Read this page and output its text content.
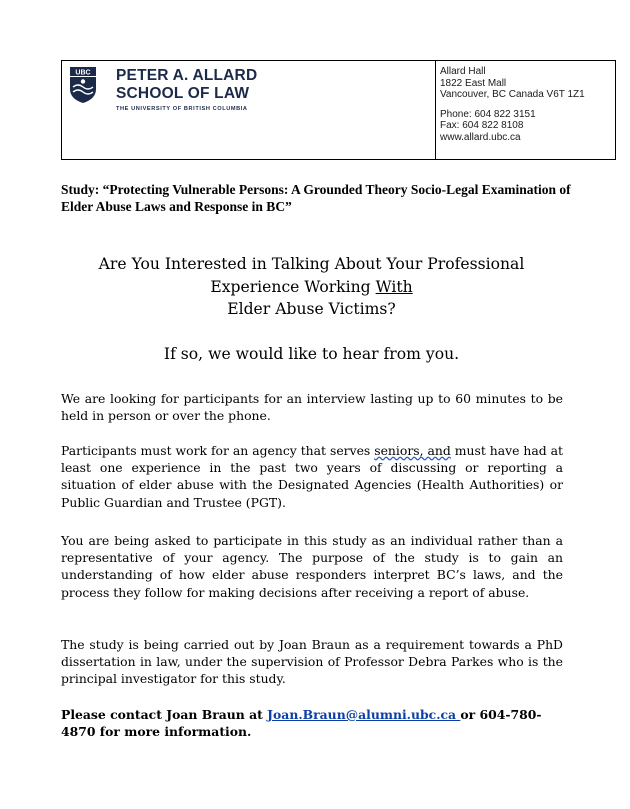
UBC PETER A. ALLARD
SCHOOL OF LAW
THE UNIVERSITY OF BRITISH COLUMBIA
Allard Hall
1822 East Mall
Vancouver, BC Canada V6T 1Z1
Phone: 604 822 3151
Fax: 604 822 8108
www.allard.ubc.ca
Study: “Protecting Vulnerable Persons: A Grounded Theory Socio-Legal Examination of Elder Abuse Laws and Response in BC”
Are You Interested in Talking About Your Professional
Experience Working With
Elder Abuse Victims?
If so, we would like to hear from you.
We are looking for participants for an interview lasting up to 60 minutes to be held in person or over the phone.
Participants must work for an agency that serves seniors, and must have had at least one experience in the past two years of discussing or reporting a situation of elder abuse with the Designated Agencies (Health Authorities) or Public Guardian and Trustee (PGT).
You are being asked to participate in this study as an individual rather than a representative of your agency. The purpose of the study is to gain an understanding of how elder abuse responders interpret BC’s laws, and the process they follow for making decisions after receiving a report of abuse.
The study is being carried out by Joan Braun as a requirement towards a PhD dissertation in law, under the supervision of Professor Debra Parkes who is the principal investigator for this study.
Please contact Joan Braun at Joan.Braun@alumni.ubc.ca or 604-780-4870 for more information.
